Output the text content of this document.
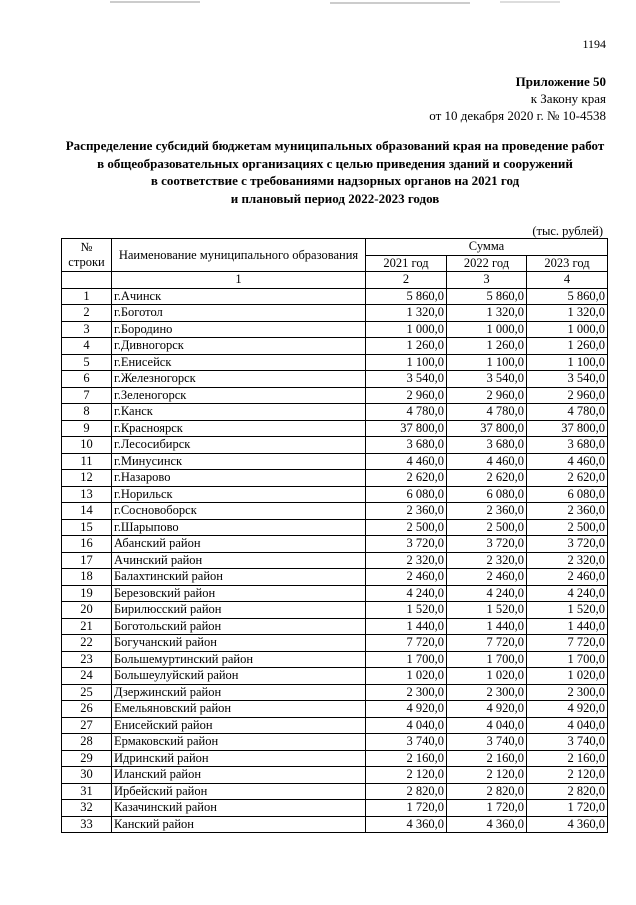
1194
Приложение 50
к Закону края
от 10 декабря 2020 г. № 10-4538
Распределение субсидий бюджетам муниципальных образований края на проведение работ
в общеобразовательных организациях с целью приведения зданий и сооружений
в соответствие с требованиями надзорных органов на 2021 год
и плановый период 2022-2023 годов
(тыс. рублей)
№
строки	Наименование муниципального образования	Сумма		
		2021 год	2022 год	2023 год
	1	2	3	4
1	г.Ачинск	5 860,0	5 860,0	5 860,0
2	г.Боготол	1 320,0	1 320,0	1 320,0
3	г.Бородино	1 000,0	1 000,0	1 000,0
4	г.Дивногорск	1 260,0	1 260,0	1 260,0
5	г.Енисейск	1 100,0	1 100,0	1 100,0
6	г.Железногорск	3 540,0	3 540,0	3 540,0
7	г.Зеленогорск	2 960,0	2 960,0	2 960,0
8	г.Канск	4 780,0	4 780,0	4 780,0
9	г.Красноярск	37 800,0	37 800,0	37 800,0
10	г.Лесосибирск	3 680,0	3 680,0	3 680,0
11	г.Минусинск	4 460,0	4 460,0	4 460,0
12	г.Назарово	2 620,0	2 620,0	2 620,0
13	г.Норильск	6 080,0	6 080,0	6 080,0
14	г.Сосновоборск	2 360,0	2 360,0	2 360,0
15	г.Шарыпово	2 500,0	2 500,0	2 500,0
16	Абанский район	3 720,0	3 720,0	3 720,0
17	Ачинский район	2 320,0	2 320,0	2 320,0
18	Балахтинский район	2 460,0	2 460,0	2 460,0
19	Березовский район	4 240,0	4 240,0	4 240,0
20	Бирилюсский район	1 520,0	1 520,0	1 520,0
21	Боготольский район	1 440,0	1 440,0	1 440,0
22	Богучанский район	7 720,0	7 720,0	7 720,0
23	Большемуртинский район	1 700,0	1 700,0	1 700,0
24	Большеулуйский район	1 020,0	1 020,0	1 020,0
25	Дзержинский район	2 300,0	2 300,0	2 300,0
26	Емельяновский район	4 920,0	4 920,0	4 920,0
27	Енисейский район	4 040,0	4 040,0	4 040,0
28	Ермаковский район	3 740,0	3 740,0	3 740,0
29	Идринский район	2 160,0	2 160,0	2 160,0
30	Иланский район	2 120,0	2 120,0	2 120,0
31	Ирбейский район	2 820,0	2 820,0	2 820,0
32	Казачинский район	1 720,0	1 720,0	1 720,0
33	Канский район	4 360,0	4 360,0	4 360,0
